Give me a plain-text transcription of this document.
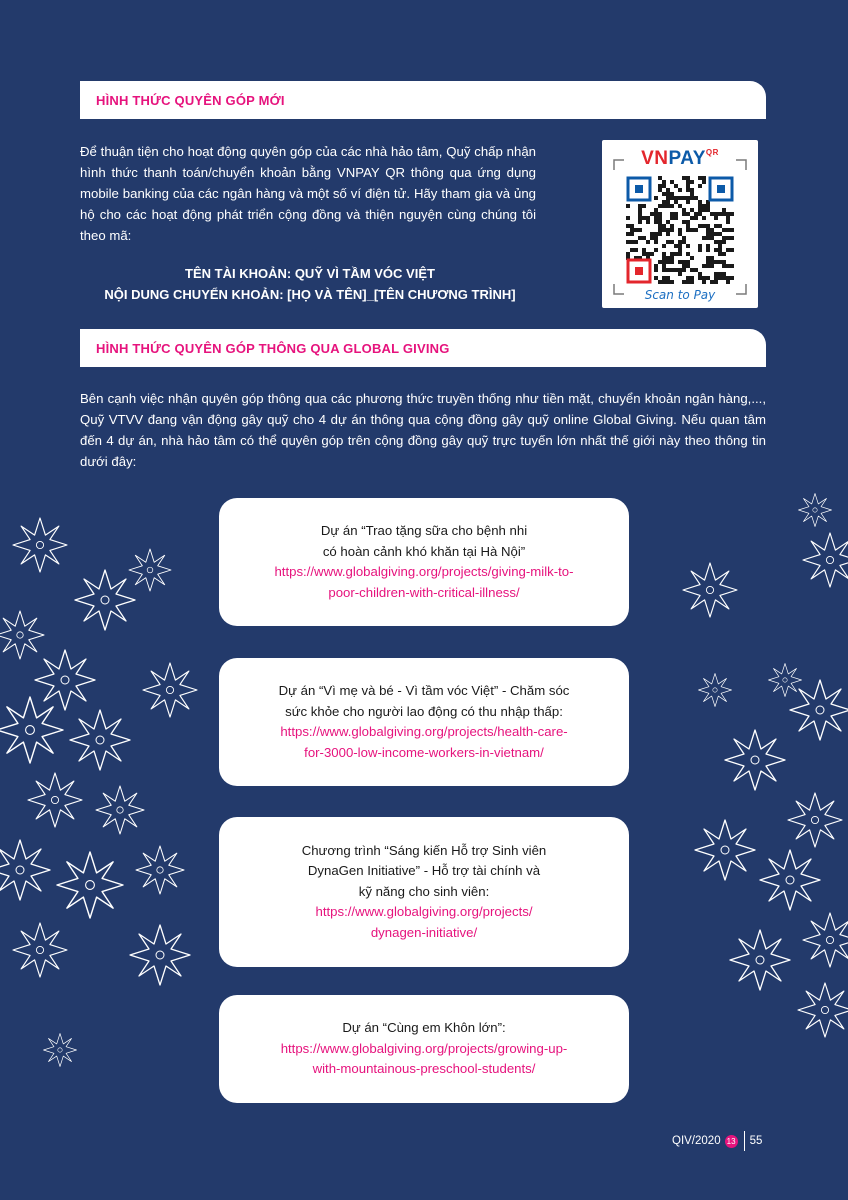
HÌNH THỨC QUYÊN GÓP MỚI
Để thuận tiện cho hoạt động quyên góp của các nhà hảo tâm, Quỹ chấp nhận hình thức thanh toán/chuyển khoản bằng VNPAY QR thông qua ứng dụng mobile banking của các ngân hàng và một số ví điện tử. Hãy tham gia và ủng hộ cho các hoạt động phát triển cộng đồng và thiện nguyện cùng chúng tôi theo mã:
TÊN TÀI KHOẢN: QUỸ VÌ TẦM VÓC VIỆT
NỘI DUNG CHUYỂN KHOẢN: [HỌ VÀ TÊN]_[TÊN CHƯƠNG TRÌNH]
$VNPAY^{QR}$
Scan to Pay
HÌNH THỨC QUYÊN GÓP THÔNG QUA GLOBAL GIVING
Bên cạnh việc nhận quyên góp thông qua các phương thức truyền thống như tiền mặt, chuyển khoản ngân hàng,..., Quỹ VTVV đang vận động gây quỹ cho 4 dự án thông qua cộng đồng gây quỹ online Global Giving. Nếu quan tâm đến 4 dự án, nhà hảo tâm có thể quyên góp trên cộng đồng gây quỹ trực tuyến lớn nhất thế giới này theo thông tin dưới đây:
Dự án “Trao tặng sữa cho bệnh nhi
có hoàn cảnh khó khăn tại Hà Nội”
https://www.globalgiving.org/projects/giving-milk-to-
poor-children-with-critical-illness/
Dự án “Vì mẹ và bé - Vì tầm vóc Việt” - Chăm sóc
sức khỏe cho người lao động có thu nhập thấp:
https://www.globalgiving.org/projects/health-care-
for-3000-low-income-workers-in-vietnam/
Chương trình “Sáng kiến Hỗ trợ Sinh viên
DynaGen Initiative” - Hỗ trợ tài chính và
kỹ năng cho sinh viên:
https://www.globalgiving.org/projects/
dynagen-initiative/
Dự án “Cùng em Khôn lớn”:
https://www.globalgiving.org/projects/growing-up-
with-mountainous-preschool-students/
QIV/2020 13 55
